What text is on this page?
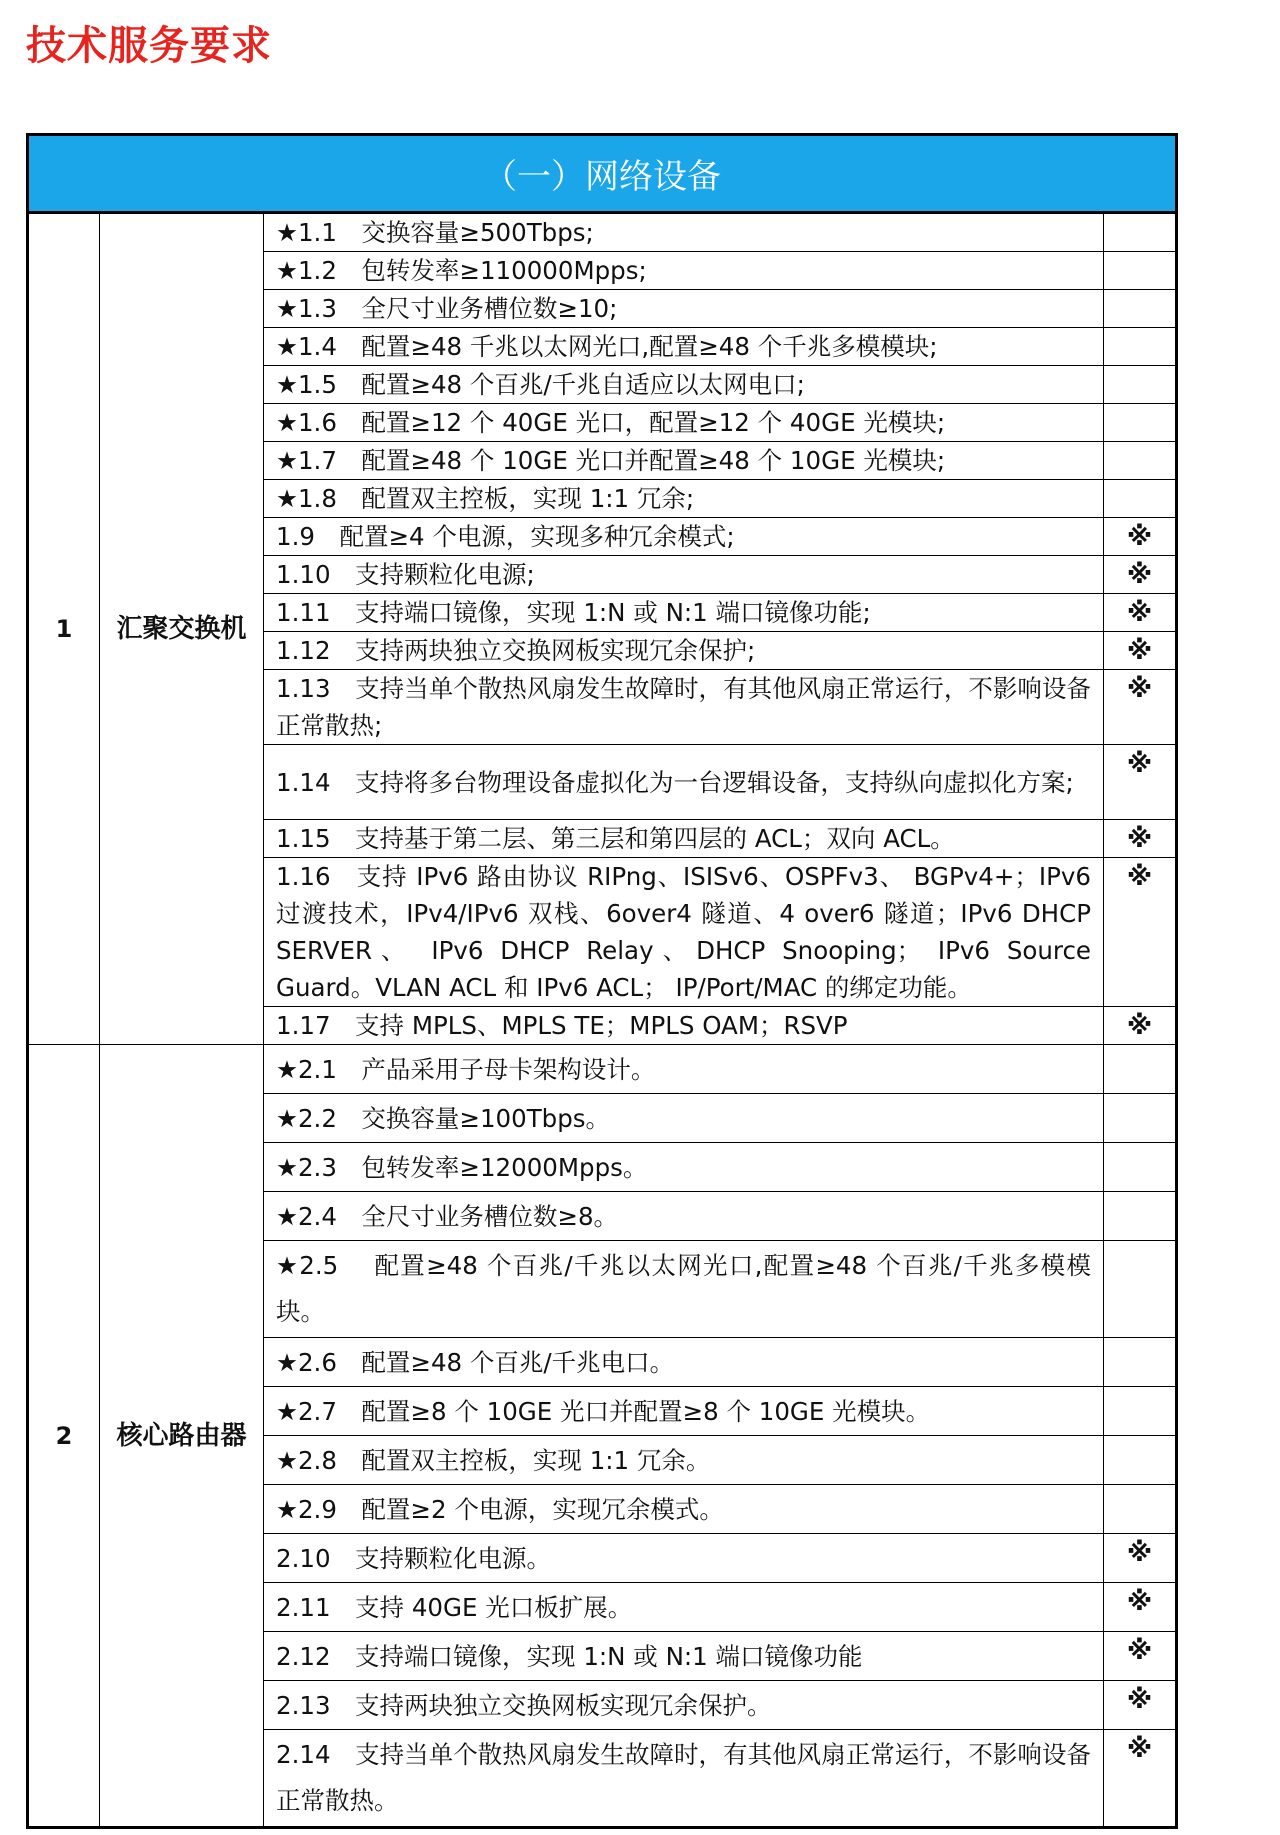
技术服务要求
（一）网络设备			
1	汇聚交换机	★1.1　交换容量≥500Tbps;	
		★1.2　包转发率≥110000Mpps;	
		★1.3　全尺寸业务槽位数≥10;	
		★1.4　配置≥48 千兆以太网光口,配置≥48 个千兆多模模块;	
		★1.5　配置≥48 个百兆/千兆自适应以太网电口;	
		★1.6　配置≥12 个 40GE 光口，配置≥12 个 40GE 光模块;	
		★1.7　配置≥48 个 10GE 光口并配置≥48 个 10GE 光模块;	
		★1.8　配置双主控板，实现 1:1 冗余;	
		1.9　配置≥4 个电源，实现多种冗余模式;	※
		1.10　支持颗粒化电源;	※
		1.11　支持端口镜像，实现 1:N 或 N:1 端口镜像功能;	※
		1.12　支持两块独立交换网板实现冗余保护;	※
		1.13　支持当单个散热风扇发生故障时，有其他风扇正常运行，不影响设备正常散热;	※
		1.14　支持将多台物理设备虚拟化为一台逻辑设备，支持纵向虚拟化方案;	※
		1.15　支持基于第二层、第三层和第四层的 ACL；双向 ACL。	※
		1.16　支持 IPv6 路由协议 RIPng、ISISv6、OSPFv3、 BGPv4+；IPv6 过渡技术，IPv4/IPv6 双栈、6over4 隧道、4 over6 隧道；IPv6 DHCP SERVER、 IPv6 DHCP Relay、DHCP Snooping； IPv6 Source Guard。VLAN ACL 和 IPv6 ACL； IP/Port/MAC 的绑定功能。	※
		1.17　支持 MPLS、MPLS TE；MPLS OAM；RSVP	※
2	核心路由器	★2.1　产品采用子母卡架构设计。	
		★2.2　交换容量≥100Tbps。	
		★2.3　包转发率≥12000Mpps。	
		★2.4　全尺寸业务槽位数≥8。	
		★2.5　 配置≥48 个百兆/千兆以太网光口,配置≥48 个百兆/千兆多模模块。	
		★2.6　配置≥48 个百兆/千兆电口。	
		★2.7　配置≥8 个 10GE 光口并配置≥8 个 10GE 光模块。	
		★2.8　配置双主控板，实现 1:1 冗余。	
		★2.9　配置≥2 个电源，实现冗余模式。	
		2.10　支持颗粒化电源。	※
		2.11　支持 40GE 光口板扩展。	※
		2.12　支持端口镜像，实现 1:N 或 N:1 端口镜像功能	※
		2.13　支持两块独立交换网板实现冗余保护。	※
		2.14　支持当单个散热风扇发生故障时，有其他风扇正常运行，不影响设备正常散热。	※
